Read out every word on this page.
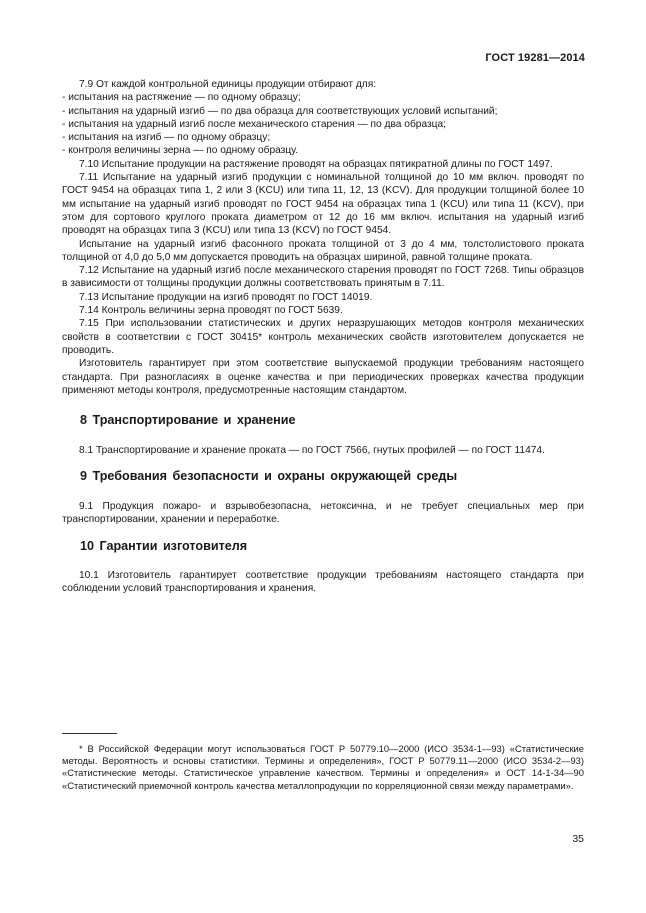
ГОСТ 19281—2014

7.9 От каждой контрольной единицы продукции отбирают для:

- испытания на растяжение — по одному образцу;

- испытания на ударный изгиб — по два образца для соответствующих условий испытаний;

- испытания на ударный изгиб после механического старения — по два образца;

- испытания на изгиб — по одному образцу;

- контроля величины зерна — по одному образцу.

7.10 Испытание продукции на растяжение проводят на образцах пятикратной длины по ГОСТ 1497.

7.11 Испытание на ударный изгиб продукции с номинальной толщиной до 10 мм включ. проводят по ГОСТ 9454 на образцах типа 1, 2 или 3 (KCU) или типа 11, 12, 13 (KCV). Для продукции толщиной более 10 мм испытание на ударный изгиб проводят по ГОСТ 9454 на образцах типа 1 (KCU) или типа 11 (KCV), при этом для сортового круглого проката диаметром от 12 до 16 мм включ. испытания на ударный изгиб проводят на образцах типа 3 (KCU) или типа 13 (KCV) по ГОСТ 9454.

Испытание на ударный изгиб фасонного проката толщиной от 3 до 4 мм, толстолистового проката толщиной от 4,0 до 5,0 мм допускается проводить на образцах шириной, равной толщине проката.

7.12 Испытание на ударный изгиб после механического старения проводят по ГОСТ 7268. Типы образцов в зависимости от толщины продукции должны соответствовать принятым в 7.11.

7.13 Испытание продукции на изгиб проводят по ГОСТ 14019.

7.14 Контроль величины зерна проводят по ГОСТ 5639.

7.15 При использовании статистических и других неразрушающих методов контроля механических свойств в соответствии с ГОСТ 30415* контроль механических свойств изготовителем допускается не проводить.

Изготовитель гарантирует при этом соответствие выпускаемой продукции требованиям настоящего стандарта. При разногласиях в оценке качества и при периодических проверках качества продукции применяют методы контроля, предусмотренные настоящим стандартом.

8 Транспортирование и хранение

8.1 Транспортирование и хранение проката — по ГОСТ 7566, гнутых профилей — по ГОСТ 11474.

9 Требования безопасности и охраны окружающей среды

9.1 Продукция пожаро- и взрывобезопасна, нетоксична, и не требует специальных мер при транспортировании, хранении и переработке.

10 Гарантии изготовителя

10.1 Изготовитель гарантирует соответствие продукции требованиям настоящего стандарта при соблюдении условий транспортирования и хранения.

* В Российской Федерации могут использоваться ГОСТ Р 50779.10—2000 (ИСО 3534-1—93) «Статистические методы. Вероятность и основы статистики. Термины и определения», ГОСТ Р 50779.11—2000 (ИСО 3534-2—93) «Статистические методы. Статистическое управление качеством. Термины и определения» и ОСТ 14-1-34—90 «Статистический приемочной контроль качества металлопродукции по корреляционной связи между параметрами».

35
